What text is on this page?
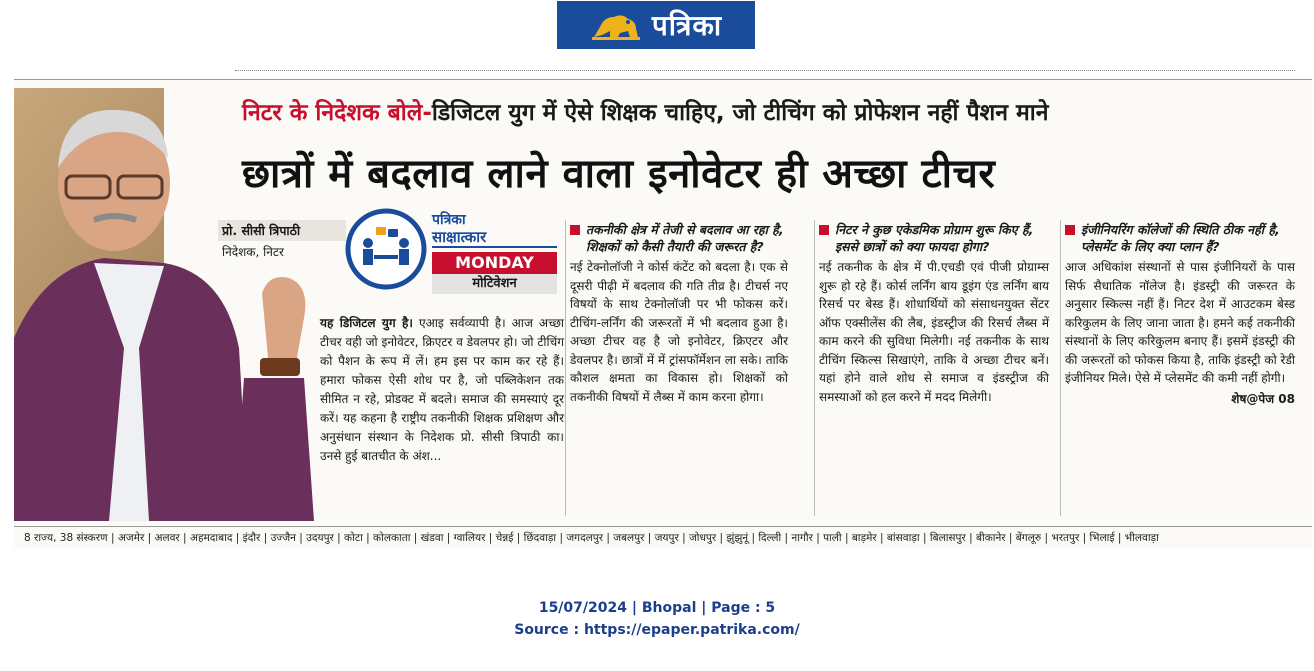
पत्रिका
निटर के निदेशक बोले-डिजिटल युग में ऐसे शिक्षक चाहिए, जो टीचिंग को प्रोफेशन नहीं पैशन माने
छात्रों में बदलाव लाने वाला इनोवेटर ही अच्छा टीचर
प्रो. सीसी त्रिपाठी
निदेशक, निटर
पत्रिका
साक्षात्कार
MONDAY
मोटिवेशन
यह डिजिटल युग है। एआइ सर्वव्यापी है। आज अच्छा टीचर वही जो इनोवेटर, क्रिएटर व डेवलपर हो। जो टीचिंग को पैशन के रूप में लें। हम इस पर काम कर रहे हैं। हमारा फोकस ऐसी शोध पर है, जो पब्लिकेशन तक सीमित न रहे, प्रोडक्ट में बदले। समाज की समस्याएं दूर करें। यह कहना है राष्ट्रीय तकनीकी शिक्षक प्रशिक्षण और अनुसंधान संस्थान के निदेशक प्रो. सीसी त्रिपाठी का। उनसे हुई बातचीत के अंश...
तकनीकी क्षेत्र में तेजी से बदलाव आ रहा है, शिक्षकों को कैसी तैयारी की जरूरत है?
नई टेक्नोलॉजी ने कोर्स कंटेंट को बदला है। एक से दूसरी पीढ़ी में बदलाव की गति तीव्र है। टीचर्स नए विषयों के साथ टेक्नोलॉजी पर भी फोकस करें। टीचिंग-लर्निंग की जरूरतों में भी बदलाव हुआ है। अच्छा टीचर वह है जो इनोवेटर, क्रिएटर और डेवलपर है। छात्रों में में ट्रांसफॉर्मेशन ला सके। ताकि कौशल क्षमता का विकास हो। शिक्षकों को तकनीकी विषयों में लैब्स में काम करना होगा।
निटर ने कुछ एकेडमिक प्रोग्राम शुरू किए हैं, इससे छात्रों को क्या फायदा होगा?
नई तकनीक के क्षेत्र में पी.एचडी एवं पीजी प्रोग्राम्स शुरू हो रहे हैं। कोर्स लर्निंग बाय डूइंग एंड लर्निंग बाय रिसर्च पर बेस्ड हैं। शोधार्थियों को संसाधनयुक्त सेंटर ऑफ एक्सीलेंस की लैब, इंडस्ट्रीज की रिसर्च लैब्स में काम करने की सुविधा मिलेगी। नई तकनीक के साथ टीचिंग स्किल्स सिखाएंगे, ताकि वे अच्छा टीचर बनें। यहां होने वाले शोध से समाज व इंडस्ट्रीज की समस्याओं को हल करने में मदद मिलेगी।
इंजीनियरिंग कॉलेजों की स्थिति ठीक नहीं है, प्लेसमेंट के लिए क्या प्लान हैं?
आज अधिकांश संस्थानों से पास इंजीनियरों के पास सिर्फ सैधातिक नॉलेज है। इंडस्ट्री की जरूरत के अनुसार स्किल्स नहीं हैं। निटर देश में आउटकम बेस्ड करिकुलम के लिए जाना जाता है। हमने कई तकनीकी संस्थानों के लिए करिकुलम बनाए हैं। इसमें इंडस्ट्री की की जरूरतों को फोकस किया है, ताकि इंडस्ट्री को रेडी इंजीनियर मिले। ऐसे में प्लेसमेंट की कमी नहीं होगी।
शेष@पेज 08
8 राज्य, 38 संस्करण | अजमेर | अलवर | अहमदाबाद | इंदौर | उज्जैन | उदयपुर | कोटा | कोलकाता | खंडवा | ग्वालियर | चेन्नई | छिंदवाड़ा | जगदलपुर | जबलपुर | जयपुर | जोधपुर | झुंझुनूं | दिल्ली | नागौर | पाली | बाड़मेर | बांसवाड़ा | बिलासपुर | बीकानेर | बेंगलूरु | भरतपुर | भिलाई | भीलवाड़ा
15/07/2024 | Bhopal | Page : 5
Source : https://epaper.patrika.com/
